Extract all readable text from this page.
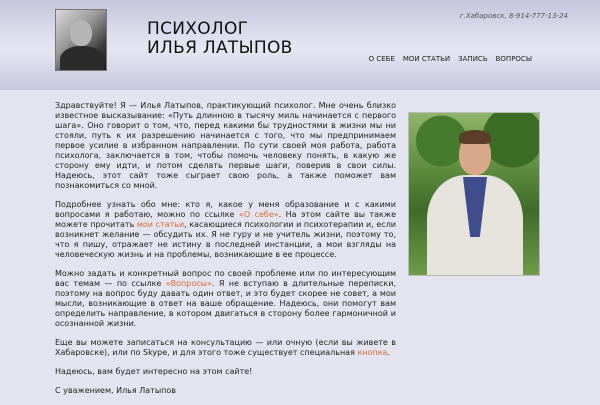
ПСИХОЛОГ
ИЛЬЯ ЛАТЫПОВ
г.Хабаровск, 8-914-777-13-24
О СЕБЕ МОИ СТАТЬИ ЗАПИСЬ ВОПРОСЫ

Здравствуйте! Я — Илья Латыпов, практикующий психолог. Мне очень близко известное высказывание: «Путь длинною в тысячу миль начинается с первого шага». Оно говорит о том, что, перед какими бы трудностями в жизни мы ни стояли, путь к их разрешению начинается с того, что мы предпринимаем первое усилие в избранном направлении. По сути своей моя работа, работа психолога, заключается в том, чтобы помочь человеку понять, в какую же сторону ему идти, и потом сделать первые шаги, поверив в свои силы. Надеюсь, этот сайт тоже сыграет свою роль, а также поможет вам познакомиться со мной.

Подробнее узнать обо мне: кто я, какое у меня образование и с какими вопросами я работаю, можно по ссылке «О себе». На этом сайте вы также можете прочитать мои статьи, касающиеся психологии и психотерапии и, если возникнет желание — обсудить их. Я не гуру и не учитель жизни, поэтому то, что я пишу, отражает не истину в последней инстанции, а мои взгляды на человеческую жизнь и на проблемы, возникающие в ее процессе.

Можно задать и конкретный вопрос по своей проблеме или по интересующим вас темам — по ссылке «Вопросы». Я не вступаю в длительные переписки, поэтому на вопрос буду давать один ответ, и это будет скорее не совет, а мои мысли, возникающие в ответ на ваше обращение. Надеюсь, они помогут вам определить направление, в котором двигаться в сторону более гармоничной и осознанной жизни.

Еще вы можете записаться на консультацию — или очную (если вы живете в Хабаровске), или по Skype, и для этого тоже существует специальная кнопка.

Надеюсь, вам будет интересно на этом сайте!

С уважением, Илья Латыпов
